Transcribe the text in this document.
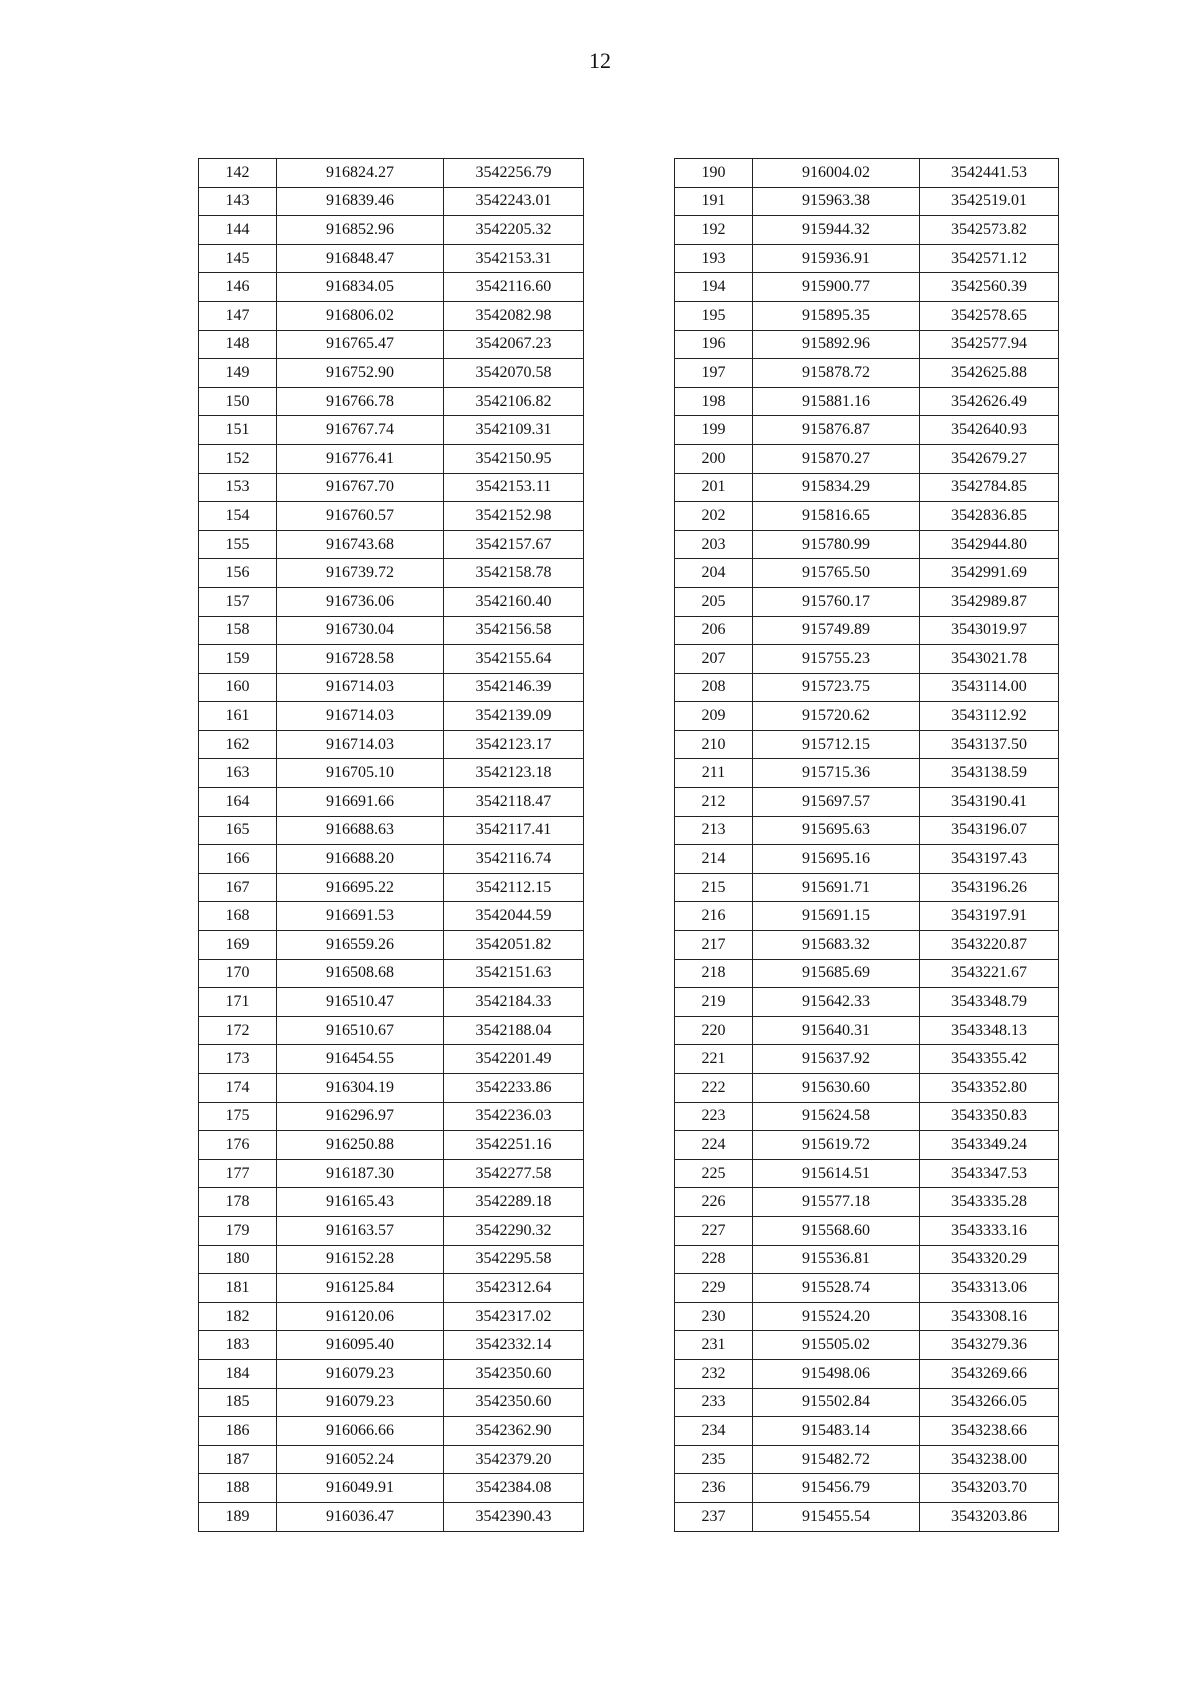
12
142	916824.27	3542256.79
143	916839.46	3542243.01
144	916852.96	3542205.32
145	916848.47	3542153.31
146	916834.05	3542116.60
147	916806.02	3542082.98
148	916765.47	3542067.23
149	916752.90	3542070.58
150	916766.78	3542106.82
151	916767.74	3542109.31
152	916776.41	3542150.95
153	916767.70	3542153.11
154	916760.57	3542152.98
155	916743.68	3542157.67
156	916739.72	3542158.78
157	916736.06	3542160.40
158	916730.04	3542156.58
159	916728.58	3542155.64
160	916714.03	3542146.39
161	916714.03	3542139.09
162	916714.03	3542123.17
163	916705.10	3542123.18
164	916691.66	3542118.47
165	916688.63	3542117.41
166	916688.20	3542116.74
167	916695.22	3542112.15
168	916691.53	3542044.59
169	916559.26	3542051.82
170	916508.68	3542151.63
171	916510.47	3542184.33
172	916510.67	3542188.04
173	916454.55	3542201.49
174	916304.19	3542233.86
175	916296.97	3542236.03
176	916250.88	3542251.16
177	916187.30	3542277.58
178	916165.43	3542289.18
179	916163.57	3542290.32
180	916152.28	3542295.58
181	916125.84	3542312.64
182	916120.06	3542317.02
183	916095.40	3542332.14
184	916079.23	3542350.60
185	916079.23	3542350.60
186	916066.66	3542362.90
187	916052.24	3542379.20
188	916049.91	3542384.08
189	916036.47	3542390.43
190	916004.02	3542441.53
191	915963.38	3542519.01
192	915944.32	3542573.82
193	915936.91	3542571.12
194	915900.77	3542560.39
195	915895.35	3542578.65
196	915892.96	3542577.94
197	915878.72	3542625.88
198	915881.16	3542626.49
199	915876.87	3542640.93
200	915870.27	3542679.27
201	915834.29	3542784.85
202	915816.65	3542836.85
203	915780.99	3542944.80
204	915765.50	3542991.69
205	915760.17	3542989.87
206	915749.89	3543019.97
207	915755.23	3543021.78
208	915723.75	3543114.00
209	915720.62	3543112.92
210	915712.15	3543137.50
211	915715.36	3543138.59
212	915697.57	3543190.41
213	915695.63	3543196.07
214	915695.16	3543197.43
215	915691.71	3543196.26
216	915691.15	3543197.91
217	915683.32	3543220.87
218	915685.69	3543221.67
219	915642.33	3543348.79
220	915640.31	3543348.13
221	915637.92	3543355.42
222	915630.60	3543352.80
223	915624.58	3543350.83
224	915619.72	3543349.24
225	915614.51	3543347.53
226	915577.18	3543335.28
227	915568.60	3543333.16
228	915536.81	3543320.29
229	915528.74	3543313.06
230	915524.20	3543308.16
231	915505.02	3543279.36
232	915498.06	3543269.66
233	915502.84	3543266.05
234	915483.14	3543238.66
235	915482.72	3543238.00
236	915456.79	3543203.70
237	915455.54	3543203.86
